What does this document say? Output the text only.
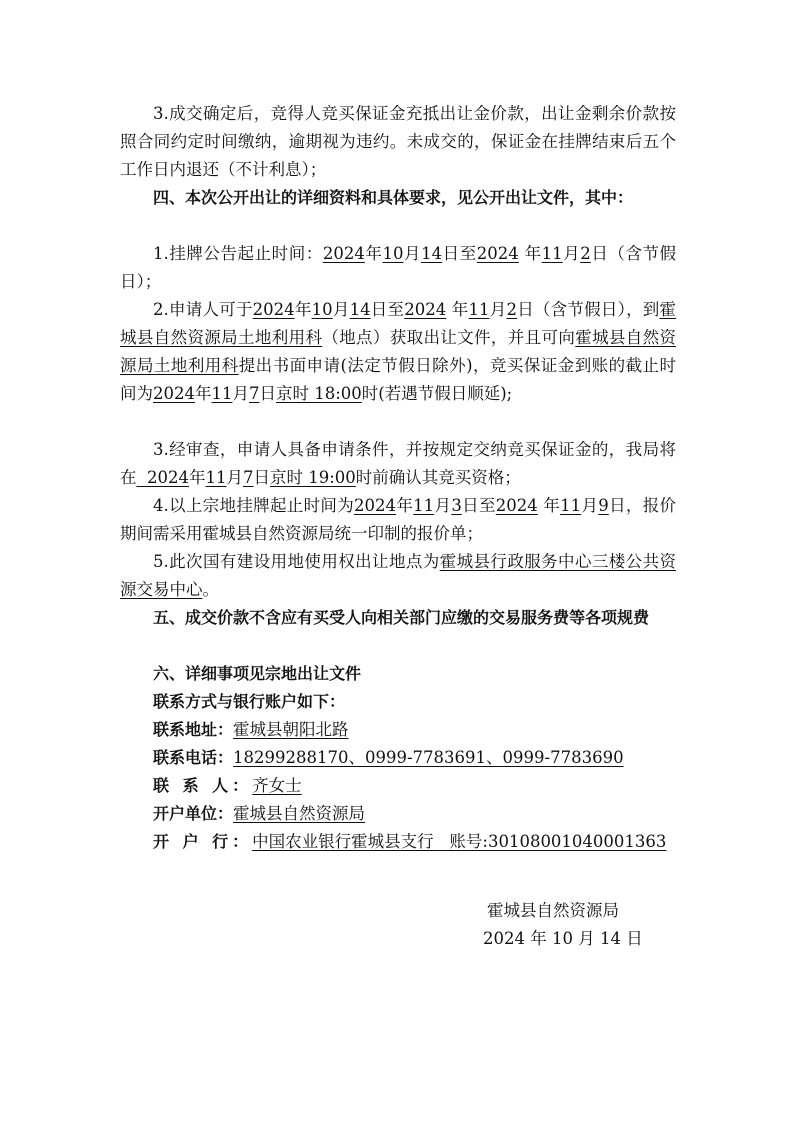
3.成交确定后，竞得人竞买保证金充抵出让金价款，出让金剩余价款按照合同约定时间缴纳，逾期视为违约。未成交的，保证金在挂牌结束后五个工作日内退还（不计利息）；

四、本次公开出让的详细资料和具体要求，见公开出让文件，其中：

1.挂牌公告起止时间：2024年10月14日至2024 年11月2日（含节假日）；

2.申请人可于2024年10月14日至2024 年11月2日（含节假日），到霍城县自然资源局土地利用科（地点）获取出让文件，并且可向霍城县自然资源局土地利用科提出书面申请(法定节假日除外)，竞买保证金到账的截止时间为2024年11月7日京时 18:00时(若遇节假日顺延);

3.经审查，申请人具备申请条件，并按规定交纳竞买保证金的，我局将在  2024年11月7日京时 19:00时前确认其竞买资格；

4.以上宗地挂牌起止时间为2024年11月3日至2024 年11月9日，报价期间需采用霍城县自然资源局统一印制的报价单；

5.此次国有建设用地使用权出让地点为霍城县行政服务中心三楼公共资源交易中心。

五、成交价款不含应有买受人向相关部门应缴的交易服务费等各项规费

六、详细事项见宗地出让文件

联系方式与银行账户如下：
联系地址：霍城县朝阳北路
联系电话：18299288170、0999-7783691、0999-7783690
联 系 人：齐女士
开户单位：霍城县自然资源局
开 户 行：中国农业银行霍城县支行   账号:30108001040001363
霍城县自然资源局
2024 年 10 月 14 日
